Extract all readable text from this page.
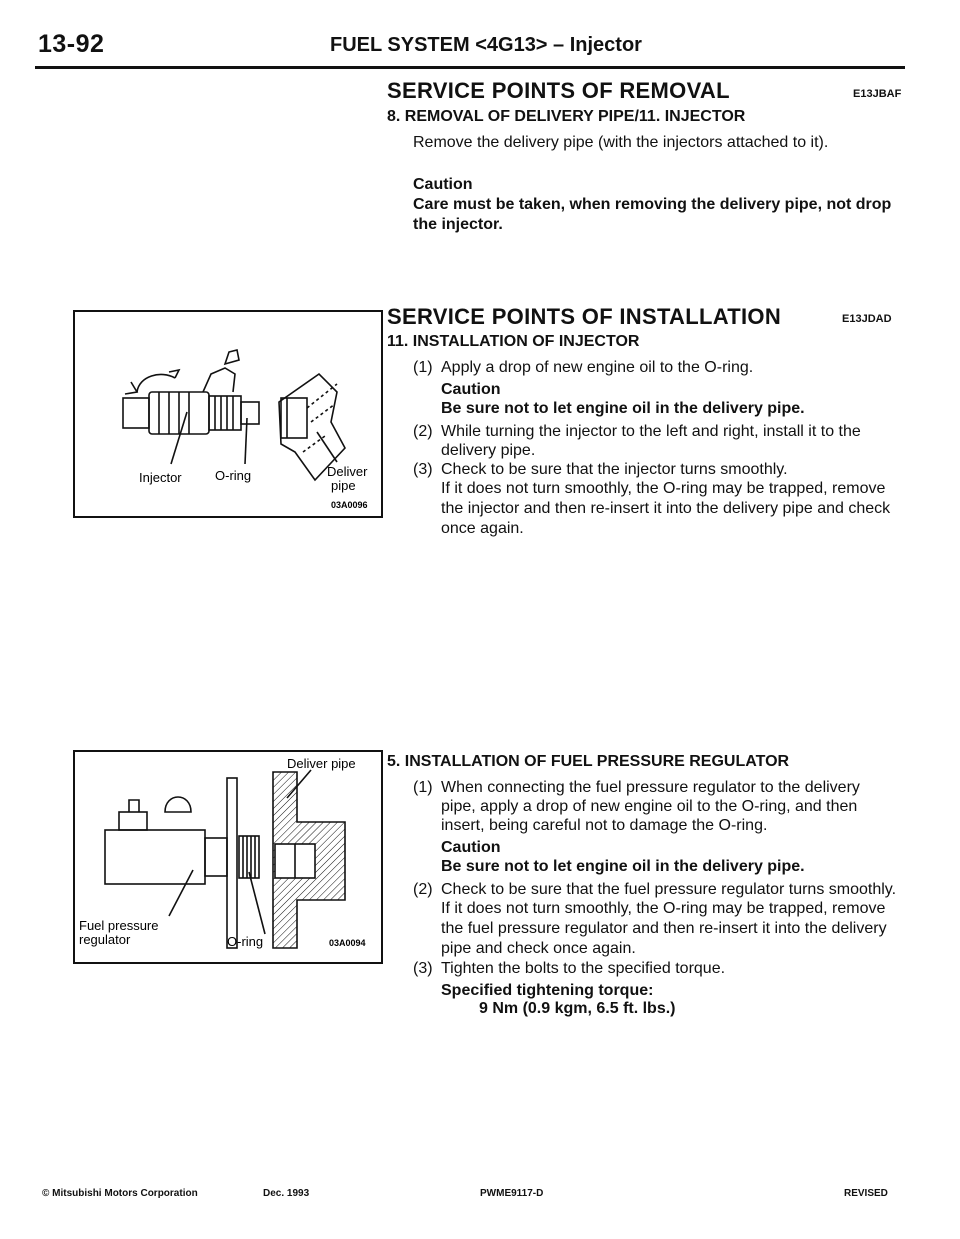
13-92	FUEL SYSTEM <4G13> – Injector
SERVICE POINTS OF REMOVAL	E13JBAF
8. REMOVAL OF DELIVERY PIPE/11. INJECTOR
Remove the delivery pipe (with the injectors attached to it).
Caution
Care must be taken, when removing the delivery pipe, not drop the injector.
SERVICE POINTS OF INSTALLATION	E13JDAD
11. INSTALLATION OF INJECTOR
(1) Apply a drop of new engine oil to the O-ring.
Caution
Be sure not to let engine oil in the delivery pipe.
(2) While turning the injector to the left and right, install it to the delivery pipe.
(3) Check to be sure that the injector turns smoothly.
If it does not turn smoothly, the O-ring may be trapped, remove the injector and then re-insert it into the delivery pipe and check once again.
5. INSTALLATION OF FUEL PRESSURE REGULATOR
(1) When connecting the fuel pressure regulator to the delivery pipe, apply a drop of new engine oil to the O-ring, and then insert, being careful not to damage the O-ring.
Caution
Be sure not to let engine oil in the delivery pipe.
(2) Check to be sure that the fuel pressure regulator turns smoothly.
If it does not turn smoothly, the O-ring may be trapped, remove the fuel pressure regulator and then re-insert it into the delivery pipe and check once again.
(3) Tighten the bolts to the specified torque.
Specified tightening torque:
9 Nm (0.9 kgm, 6.5 ft. lbs.)
Injector	O-ring	Deliver
pipe
03A0096
Deliver pipe
Fuel pressure
regulator	O-ring	03A0094
© Mitsubishi Motors Corporation	Dec. 1993	PWME9117-D	REVISED
